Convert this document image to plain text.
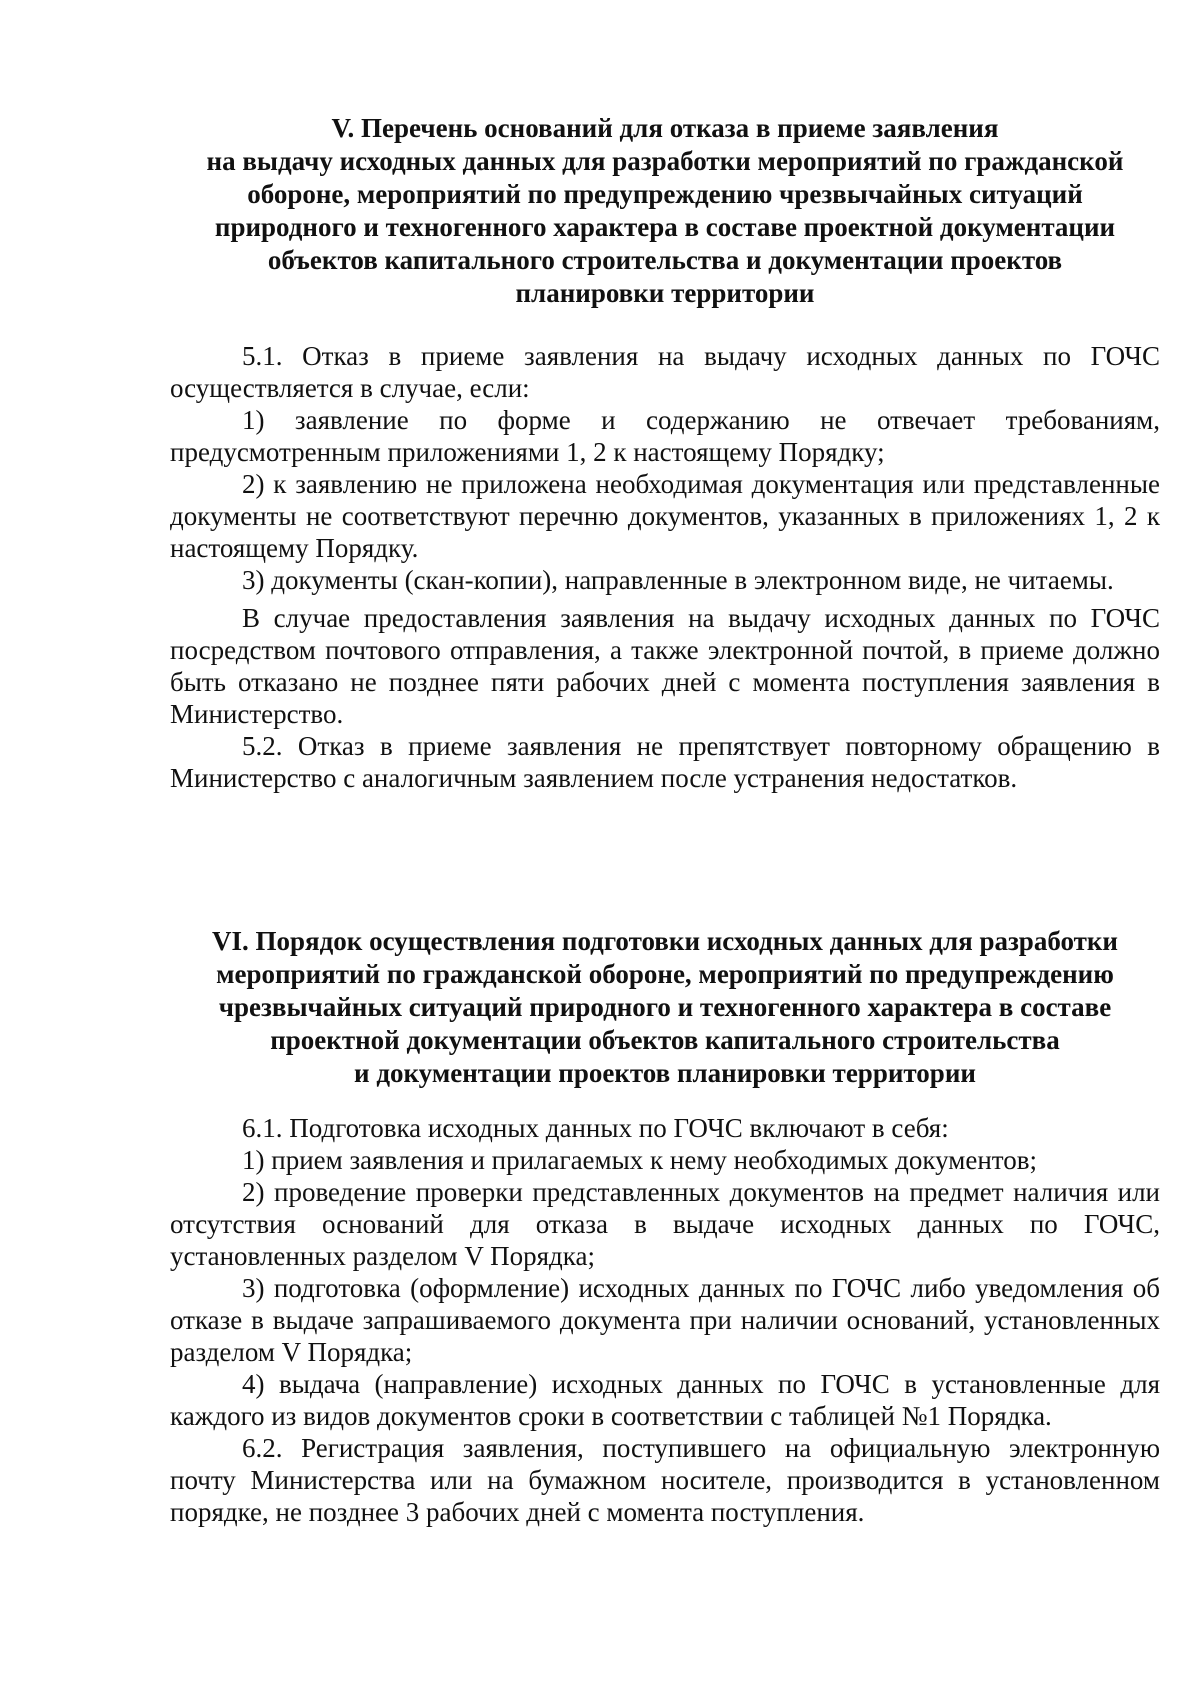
V. Перечень оснований для отказа в приеме заявления
на выдачу исходных данных для разработки мероприятий по гражданской
обороне, мероприятий по предупреждению чрезвычайных ситуаций
природного и техногенного характера в составе проектной документации
объектов капитального строительства и документации проектов
планировки территории

5.1. Отказ в приеме заявления на выдачу исходных данных по ГОЧС осуществляется в случае, если:

1) заявление по форме и содержанию не отвечает требованиям, предусмотренным приложениями 1, 2 к настоящему Порядку;

2) к заявлению не приложена необходимая документация или представленные документы не соответствуют перечню документов, указанных в приложениях 1, 2 к настоящему Порядку.

3) документы (скан-копии), направленные в электронном виде, не читаемы.

В случае предоставления заявления на выдачу исходных данных по ГОЧС посредством почтового отправления, а также электронной почтой, в приеме должно быть отказано не позднее пяти рабочих дней с момента поступления заявления в Министерство.

5.2. Отказ в приеме заявления не препятствует повторному обращению в Министерство с аналогичным заявлением после устранения недостатков.

VI. Порядок осуществления подготовки исходных данных для разработки
мероприятий по гражданской обороне, мероприятий по предупреждению
чрезвычайных ситуаций природного и техногенного характера в составе
проектной документации объектов капитального строительства
и документации проектов планировки территории

6.1. Подготовка исходных данных по ГОЧС включают в себя:

1) прием заявления и прилагаемых к нему необходимых документов;

2) проведение проверки представленных документов на предмет наличия или отсутствия оснований для отказа в выдаче исходных данных по ГОЧС, установленных разделом V Порядка;

3) подготовка (оформление) исходных данных по ГОЧС либо уведомления об отказе в выдаче запрашиваемого документа при наличии оснований, установленных разделом V Порядка;

4) выдача (направление) исходных данных по ГОЧС в установленные для каждого из видов документов сроки в соответствии с таблицей №1 Порядка.

6.2. Регистрация заявления, поступившего на официальную электронную почту Министерства или на бумажном носителе, производится в установленном порядке, не позднее 3 рабочих дней с момента поступления.
